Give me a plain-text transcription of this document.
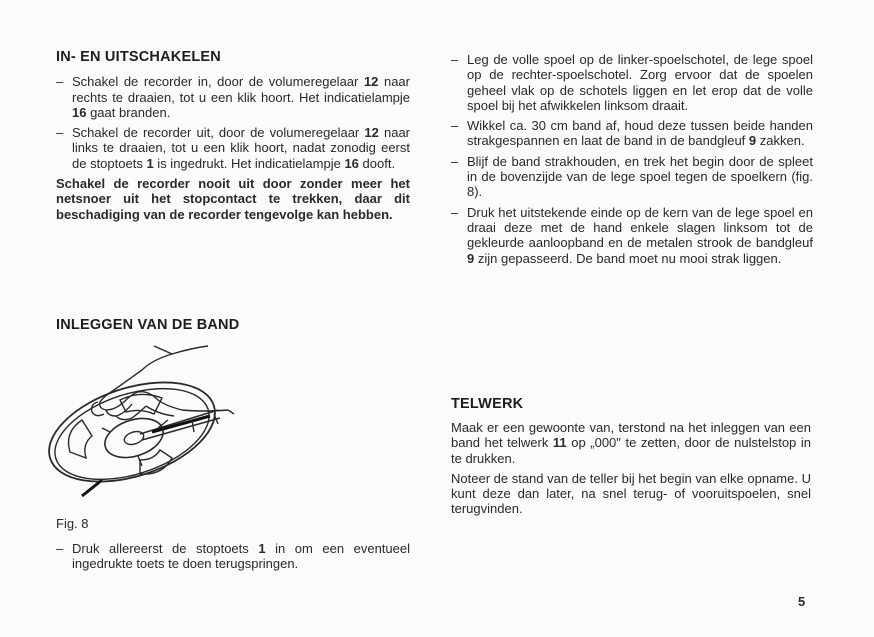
IN- EN UITSCHAKELEN
– Schakel de recorder in, door de volumeregelaar 12 naar rechts te draaien, tot u een klik hoort. Het indicatielampje 16 gaat branden.
– Schakel de recorder uit, door de volumeregelaar 12 naar links te draaien, tot u een klik hoort, nadat zonodig eerst de stoptoets 1 is ingedrukt. Het indicatielampje 16 dooft.
Schakel de recorder nooit uit door zonder meer het netsnoer uit het stopcontact te trekken, daar dit beschadiging van de recorder tengevolge kan hebben.
INLEGGEN VAN DE BAND
Fig. 8
– Druk allereerst de stoptoets 1 in om een eventueel ingedrukte toets te doen terugspringen.
– Leg de volle spoel op de linker-spoelschotel, de lege spoel op de rechter-spoelschotel. Zorg ervoor dat de spoelen geheel vlak op de schotels liggen en let erop dat de volle spoel bij het afwikkelen linksom draait.
– Wikkel ca. 30 cm band af, houd deze tussen beide handen strakgespannen en laat de band in de bandgleuf 9 zakken.
– Blijf de band strakhouden, en trek het begin door de spleet in de bovenzijde van de lege spoel tegen de spoelkern (fig. 8).
– Druk het uitstekende einde op de kern van de lege spoel en draai deze met de hand enkele slagen linksom tot de gekleurde aanloopband en de metalen strook de bandgleuf 9 zijn gepasseerd. De band moet nu mooi strak liggen.
TELWERK
Maak er een gewoonte van, terstond na het inleggen van een band het telwerk 11 op „000" te zetten, door de nulstelstop in te drukken.
Noteer de stand van de teller bij het begin van elke opname. U kunt deze dan later, na snel terug- of vooruitspoelen, snel terugvinden.
5
